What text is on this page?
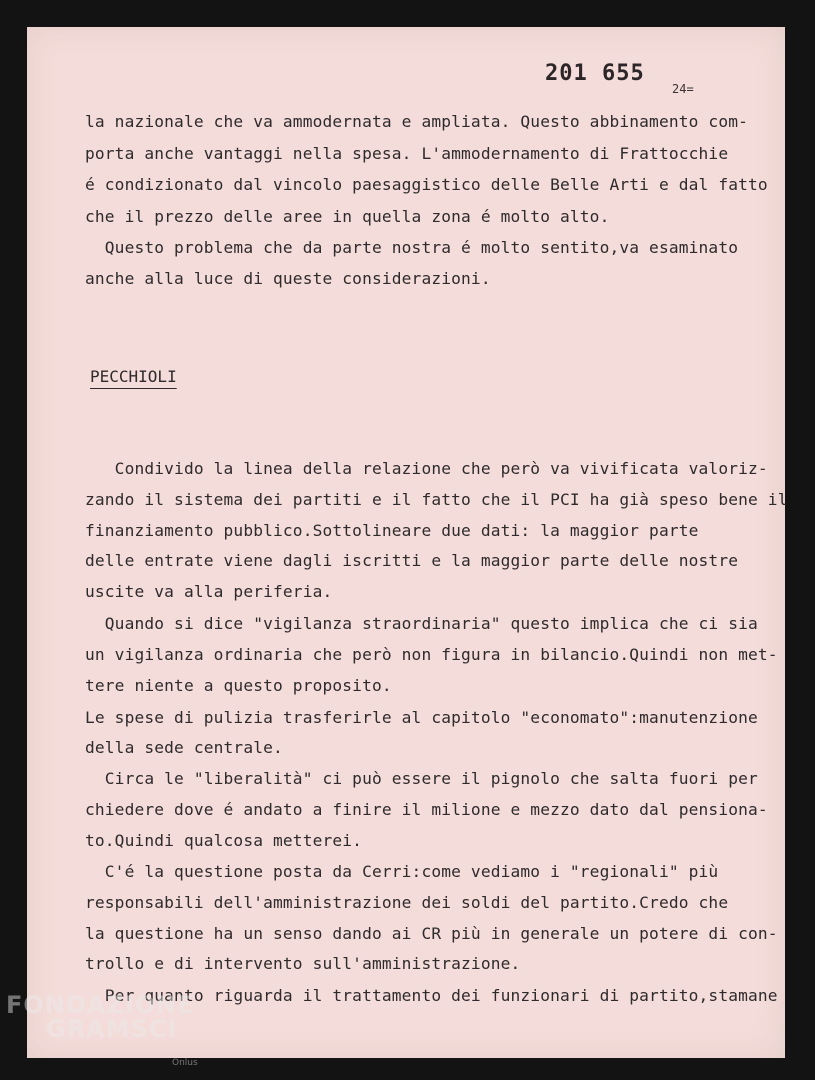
201 655
24=
la nazionale che va ammodernata e ampliata. Questo abbinamento com-
porta anche vantaggi nella spesa. L'ammodernamento di Frattocchie
é condizionato dal vincolo paesaggistico delle Belle Arti e dal fatto
che il prezzo delle aree in quella zona é molto alto.
Questo problema che da parte nostra é molto sentito,va esaminato
anche alla luce di queste considerazioni.
PECCHIOLI
Condivido la linea della relazione che però va vivificata valoriz-
zando il sistema dei partiti e il fatto che il PCI ha già speso bene il
finanziamento pubblico.Sottolineare due dati: la maggior parte
delle entrate viene dagli iscritti e la maggior parte delle nostre
uscite va alla periferia.
Quando si dice "vigilanza straordinaria" questo implica che ci sia
un vigilanza ordinaria che però non figura in bilancio.Quindi non met-
tere niente a questo proposito.
Le spese di pulizia trasferirle al capitolo "economato":manutenzione
della sede centrale.
Circa le "liberalità" ci può essere il pignolo che salta fuori per
chiedere dove é andato a finire il milione e mezzo dato dal pensiona-
to.Quindi qualcosa metterei.
C'é la questione posta da Cerri:come vediamo i "regionali" più
responsabili dell'amministrazione dei soldi del partito.Credo che
la questione ha un senso dando ai CR più in generale un potere di con-
trollo e di intervento sull'amministrazione.
Per quanto riguarda il trattamento dei funzionari di partito,stamane
FONDAZIONE
GRAMSCI
Onlus
